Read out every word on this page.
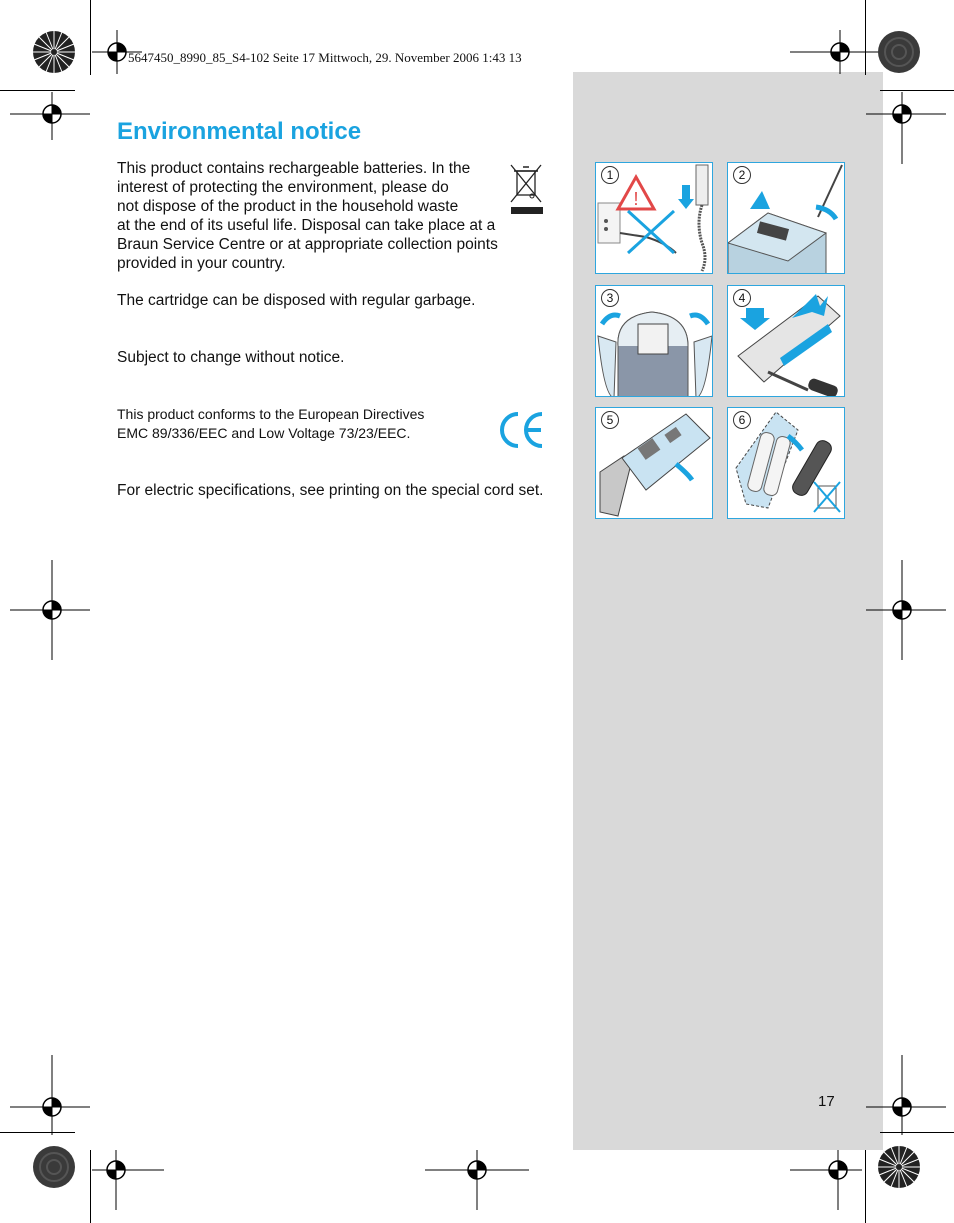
5647450_8990_85_S4-102 Seite 17 Mittwoch, 29. November 2006 1:43 13
Environmental notice
This product contains rechargeable batteries. In the
interest of protecting the environment, please do
not dispose of the product in the household waste
at the end of its useful life. Disposal can take place at a
Braun Service Centre or at appropriate collection points
provided in your country.
The cartridge can be disposed with regular garbage.
Subject to change without notice.
This product conforms to the European Directives
EMC 89/336/EEC and Low Voltage 73/23/EEC.
For electric specifications, see printing on the special cord set.
!
1	2
3	4
5	6
17
